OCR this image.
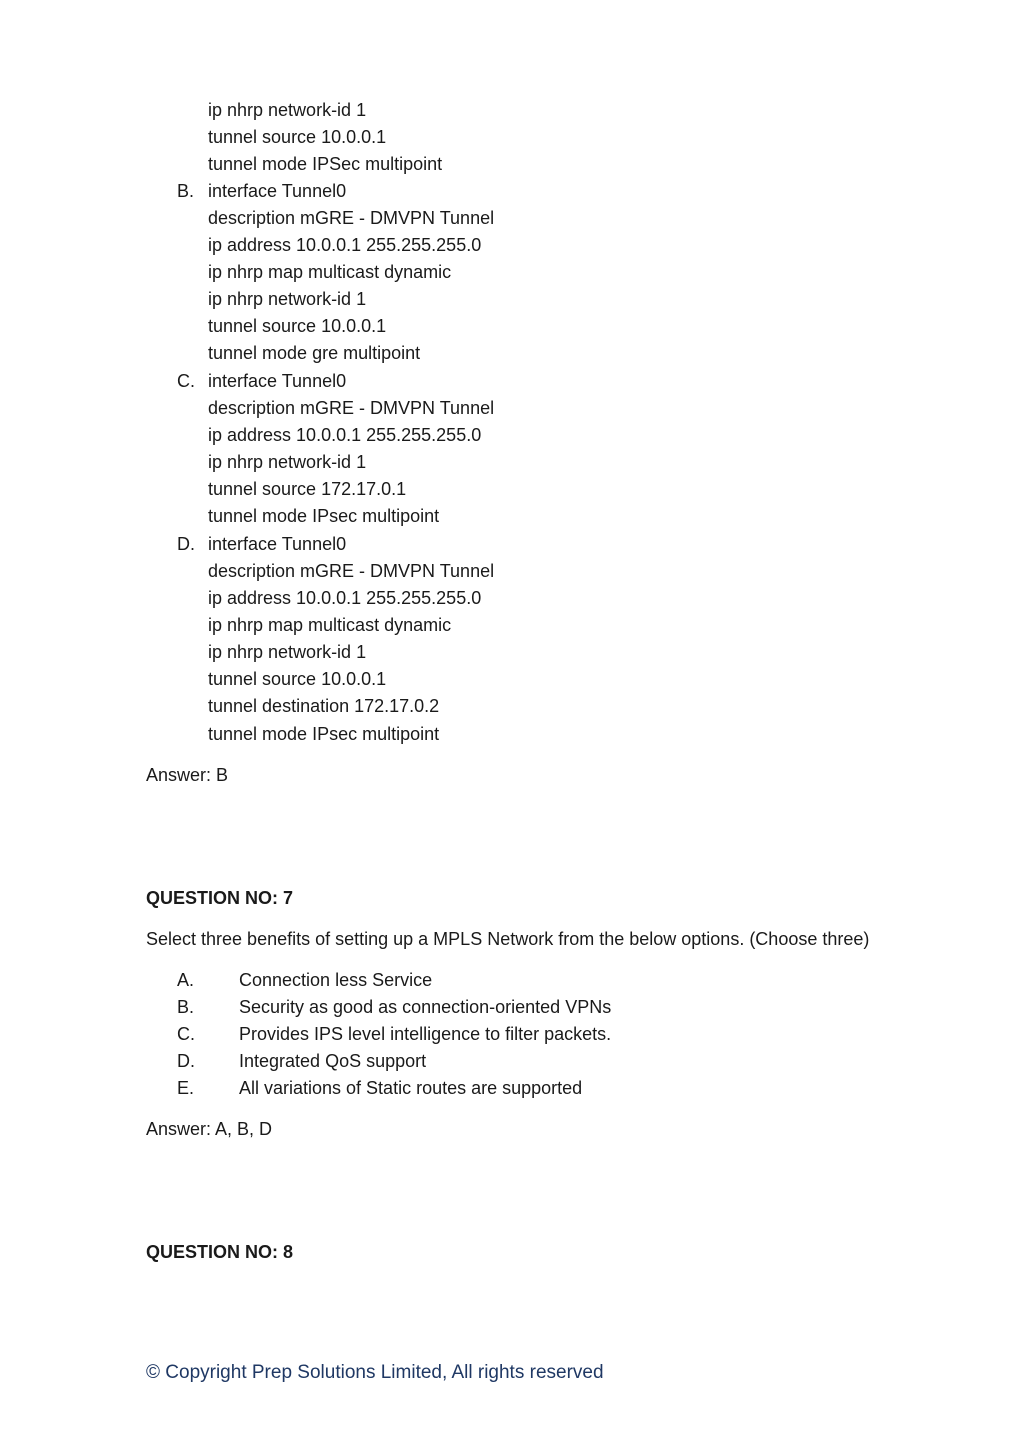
ip nhrp network-id 1
tunnel source 10.0.0.1
tunnel mode IPSec multipoint
B. interface Tunnel0
description mGRE - DMVPN Tunnel
ip address 10.0.0.1 255.255.255.0
ip nhrp map multicast dynamic
ip nhrp network-id 1
tunnel source 10.0.0.1
tunnel mode gre multipoint
C. interface Tunnel0
description mGRE - DMVPN Tunnel
ip address 10.0.0.1 255.255.255.0
ip nhrp network-id 1
tunnel source 172.17.0.1
tunnel mode IPsec multipoint
D. interface Tunnel0
description mGRE - DMVPN Tunnel
ip address 10.0.0.1 255.255.255.0
ip nhrp map multicast dynamic
ip nhrp network-id 1
tunnel source 10.0.0.1
tunnel destination 172.17.0.2
tunnel mode IPsec multipoint
Answer: B
QUESTION NO: 7
Select three benefits of setting up a MPLS Network from the below options. (Choose three)
A. Connection less Service
B. Security as good as connection-oriented VPNs
C. Provides IPS level intelligence to filter packets.
D. Integrated QoS support
E. All variations of Static routes are supported
Answer: A, B, D
QUESTION NO: 8
© Copyright Prep Solutions Limited, All rights reserved
